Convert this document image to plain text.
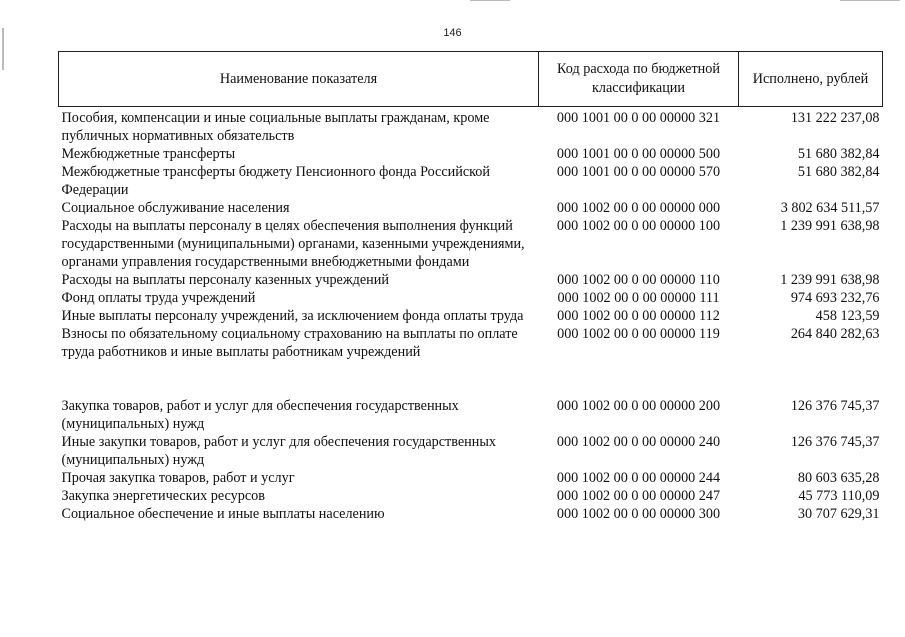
146
Наименование показателя	Код расхода по бюджетной классификации	Исполнено, рублей
Пособия, компенсации и иные социальные выплаты гражданам, кроме публичных нормативных обязательств	000 1001 00 0 00 00000 321	131 222 237,08
Межбюджетные трансферты	000 1001 00 0 00 00000 500	51 680 382,84
Межбюджетные трансферты бюджету Пенсионного фонда Российской Федерации	000 1001 00 0 00 00000 570	51 680 382,84
Социальное обслуживание населения	000 1002 00 0 00 00000 000	3 802 634 511,57
Расходы на выплаты персоналу в целях обеспечения выполнения функций государственными (муниципальными) органами, казенными учреждениями, органами управления государственными внебюджетными фондами	000 1002 00 0 00 00000 100	1 239 991 638,98
Расходы на выплаты персоналу казенных учреждений	000 1002 00 0 00 00000 110	1 239 991 638,98
Фонд оплаты труда учреждений	000 1002 00 0 00 00000 111	974 693 232,76
Иные выплаты персоналу учреждений, за исключением фонда оплаты труда	000 1002 00 0 00 00000 112	458 123,59
Взносы по обязательному социальному страхованию на выплаты по оплате труда работников и иные выплаты работникам учреждений	000 1002 00 0 00 00000 119	264 840 282,63

Закупка товаров, работ и услуг для обеспечения государственных (муниципальных) нужд	000 1002 00 0 00 00000 200	126 376 745,37
Иные закупки товаров, работ и услуг для обеспечения государственных (муниципальных) нужд	000 1002 00 0 00 00000 240	126 376 745,37
Прочая закупка товаров, работ и услуг	000 1002 00 0 00 00000 244	80 603 635,28
Закупка энергетических ресурсов	000 1002 00 0 00 00000 247	45 773 110,09
Социальное обеспечение и иные выплаты населению	000 1002 00 0 00 00000 300	30 707 629,31
